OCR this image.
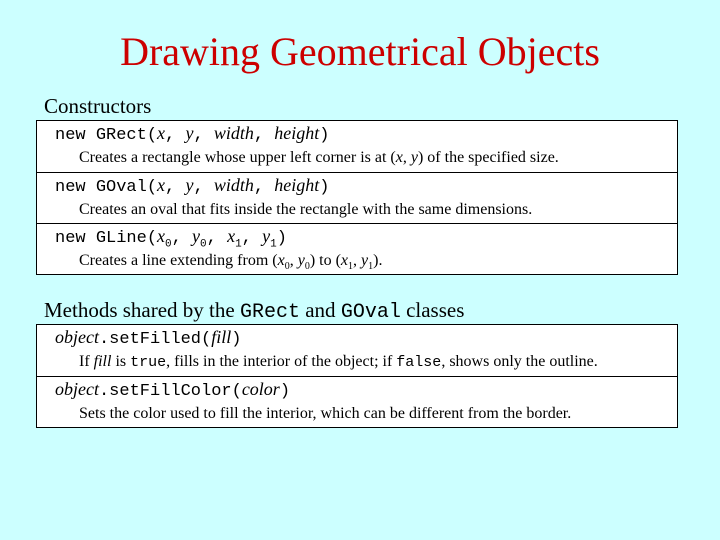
Drawing Geometrical Objects
Constructors
new GRect(x, y, width, height)
Creates a rectangle whose upper left corner is at (x, y) of the specified size.
new GOval(x, y, width, height)
Creates an oval that fits inside the rectangle with the same dimensions.
new $GLine(x_0$, $y_0$, $x_1$, $y_1$)
Creates a line extending from ($x_0$, $y_0$) to ($x_1$, $y_1$).
Methods shared by the GRect and GOval classes
object.setFilled(fill)
If fill is true, fills in the interior of the object; if false, shows only the outline.
object.setFillColor(color)
Sets the color used to fill the interior, which can be different from the border.
